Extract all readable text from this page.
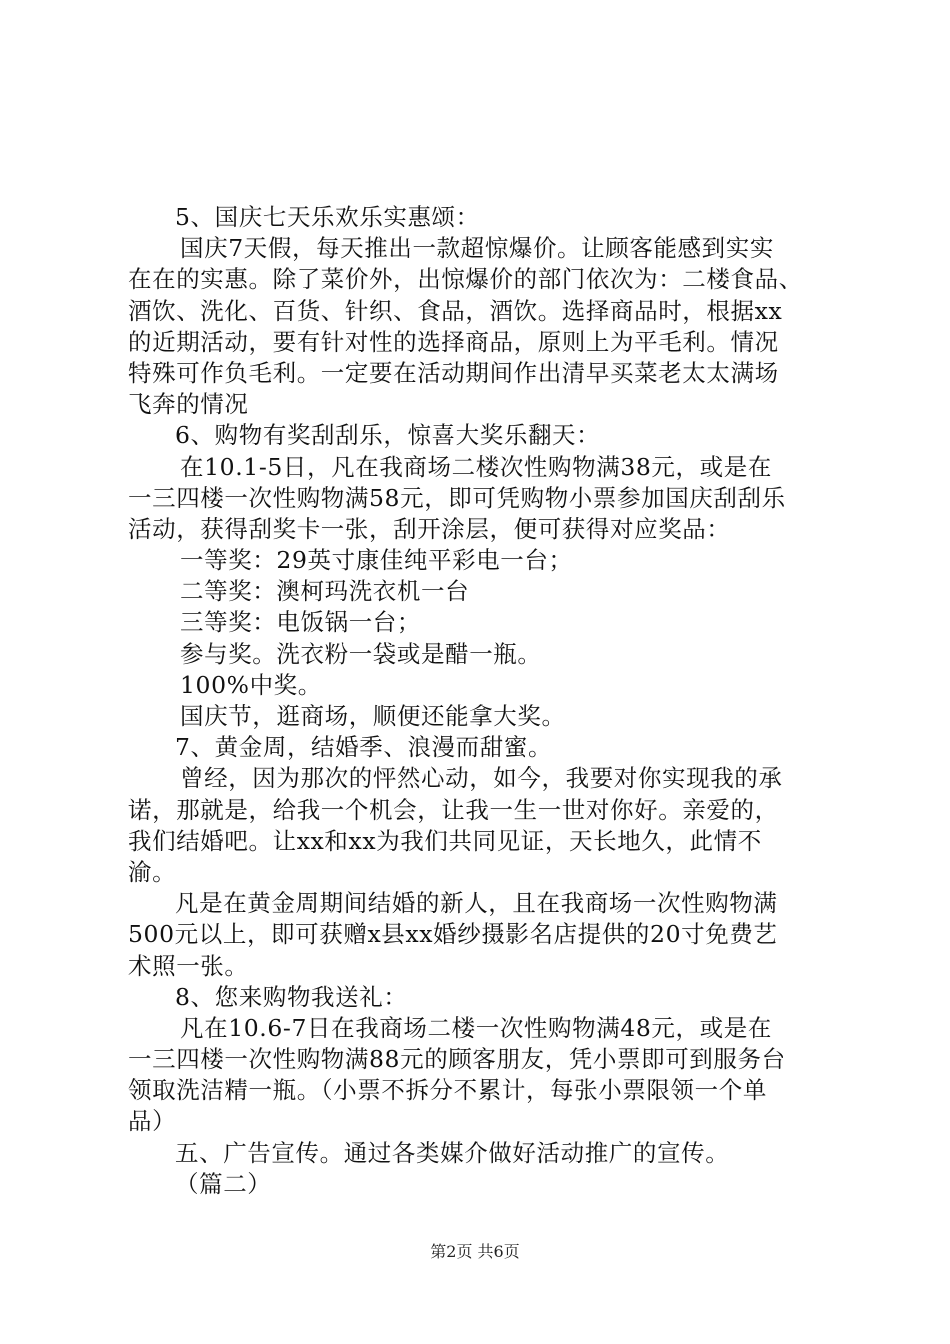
5、国庆七天乐欢乐实惠颂：
国庆7天假，每天推出一款超惊爆价。让顾客能感到实实
在在的实惠。除了菜价外，出惊爆价的部门依次为：二楼食品、
酒饮、洗化、百货、针织、食品，酒饮。选择商品时，根据xx
的近期活动，要有针对性的选择商品，原则上为平毛利。情况
特殊可作负毛利。一定要在活动期间作出清早买菜老太太满场
飞奔的情况
6、购物有奖刮刮乐，惊喜大奖乐翻天：
在10.1-5日，凡在我商场二楼次性购物满38元，或是在
一三四楼一次性购物满58元，即可凭购物小票参加国庆刮刮乐
活动，获得刮奖卡一张，刮开涂层，便可获得对应奖品：
一等奖：29英寸康佳纯平彩电一台；
二等奖：澳柯玛洗衣机一台
三等奖：电饭锅一台；
参与奖。洗衣粉一袋或是醋一瓶。
100%中奖。
国庆节，逛商场，顺便还能拿大奖。
7、黄金周，结婚季、浪漫而甜蜜。
曾经，因为那次的怦然心动，如今，我要对你实现我的承
诺，那就是，给我一个机会，让我一生一世对你好。亲爱的，
我们结婚吧。让xx和xx为我们共同见证，天长地久，此情不
渝。
凡是在黄金周期间结婚的新人，且在我商场一次性购物满
500元以上，即可获赠x县xx婚纱摄影名店提供的20寸免费艺
术照一张。
8、您来购物我送礼：
凡在10.6-7日在我商场二楼一次性购物满48元，或是在
一三四楼一次性购物满88元的顾客朋友，凭小票即可到服务台
领取洗洁精一瓶。（小票不拆分不累计，每张小票限领一个单
品）
五、广告宣传。通过各类媒介做好活动推广的宣传。
（篇二）
第2页 共6页
